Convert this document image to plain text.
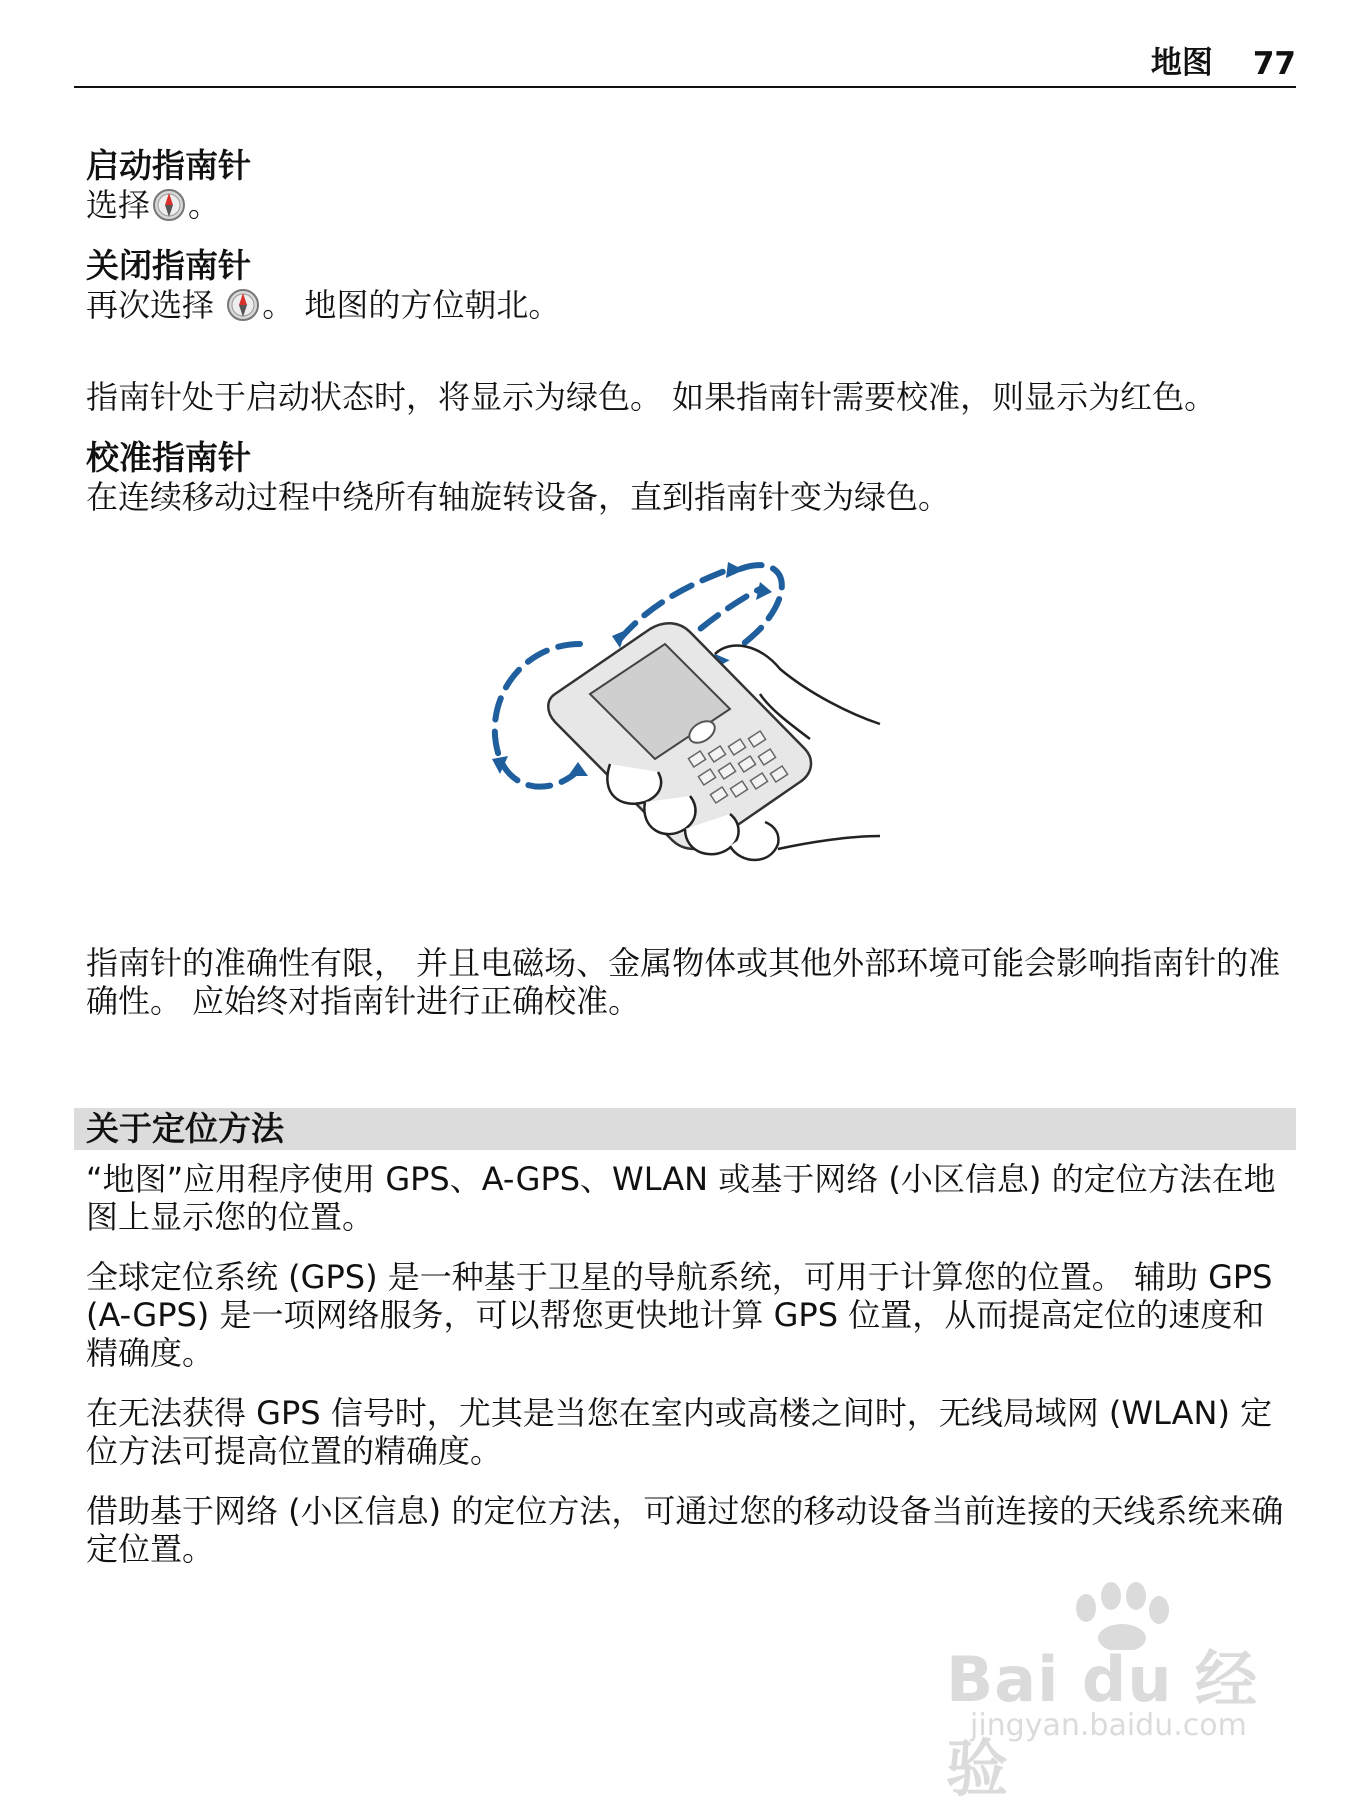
地图 77

启动指南针

选择 。

关闭指南针

再次选择 。 地图的方位朝北。

指南针处于启动状态时，将显示为绿色。 如果指南针需要校准，则显示为红色。

校准指南针

在连续移动过程中绕所有轴旋转设备，直到指南针变为绿色。

指南针的准确性有限， 并且电磁场、金属物体或其他外部环境可能会影响指南针的准确性。 应始终对指南针进行正确校准。

关于定位方法

“地图”应用程序使用 GPS、A-GPS、WLAN 或基于网络 (小区信息) 的定位方法在地图上显示您的位置。

全球定位系统 (GPS) 是一种基于卫星的导航系统，可用于计算您的位置。 辅助 GPS (A-GPS) 是一项网络服务，可以帮您更快地计算 GPS 位置，从而提高定位的速度和精确度。

在无法获得 GPS 信号时，尤其是当您在室内或高楼之间时，无线局域网 (WLAN) 定位方法可提高位置的精确度。

借助基于网络 (小区信息) 的定位方法，可通过您的移动设备当前连接的天线系统来确定位置。

Bai du 经验
jingyan.baidu.com
